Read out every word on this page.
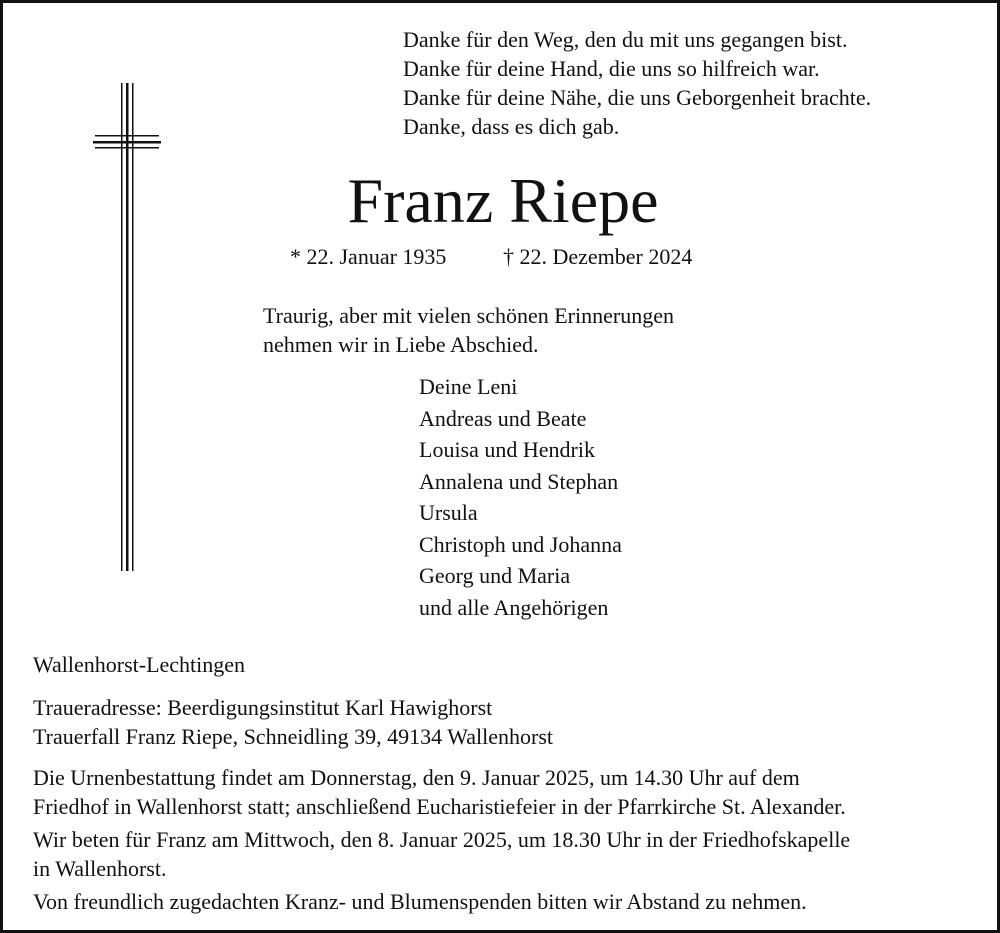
Danke für den Weg, den du mit uns gegangen bist.
Danke für deine Hand, die uns so hilfreich war.
Danke für deine Nähe, die uns Geborgenheit brachte.
Danke, dass es dich gab.
Franz Riepe
* 22. Januar 1935	† 22. Dezember 2024
Traurig, aber mit vielen schönen Erinnerungen
nehmen wir in Liebe Abschied.
Deine Leni
Andreas und Beate
Louisa und Hendrik
Annalena und Stephan
Ursula
Christoph und Johanna
Georg und Maria
und alle Angehörigen
Wallenhorst-Lechtingen
Traueradresse: Beerdigungsinstitut Karl Hawighorst
Trauerfall Franz Riepe, Schneidling 39, 49134 Wallenhorst
Die Urnenbestattung findet am Donnerstag, den 9. Januar 2025, um 14.30 Uhr auf dem
Friedhof in Wallenhorst statt; anschließend Eucharistiefeier in der Pfarrkirche St. Alexander.
Wir beten für Franz am Mittwoch, den 8. Januar 2025, um 18.30 Uhr in der Friedhofskapelle
in Wallenhorst.
Von freundlich zugedachten Kranz- und Blumenspenden bitten wir Abstand zu nehmen.
